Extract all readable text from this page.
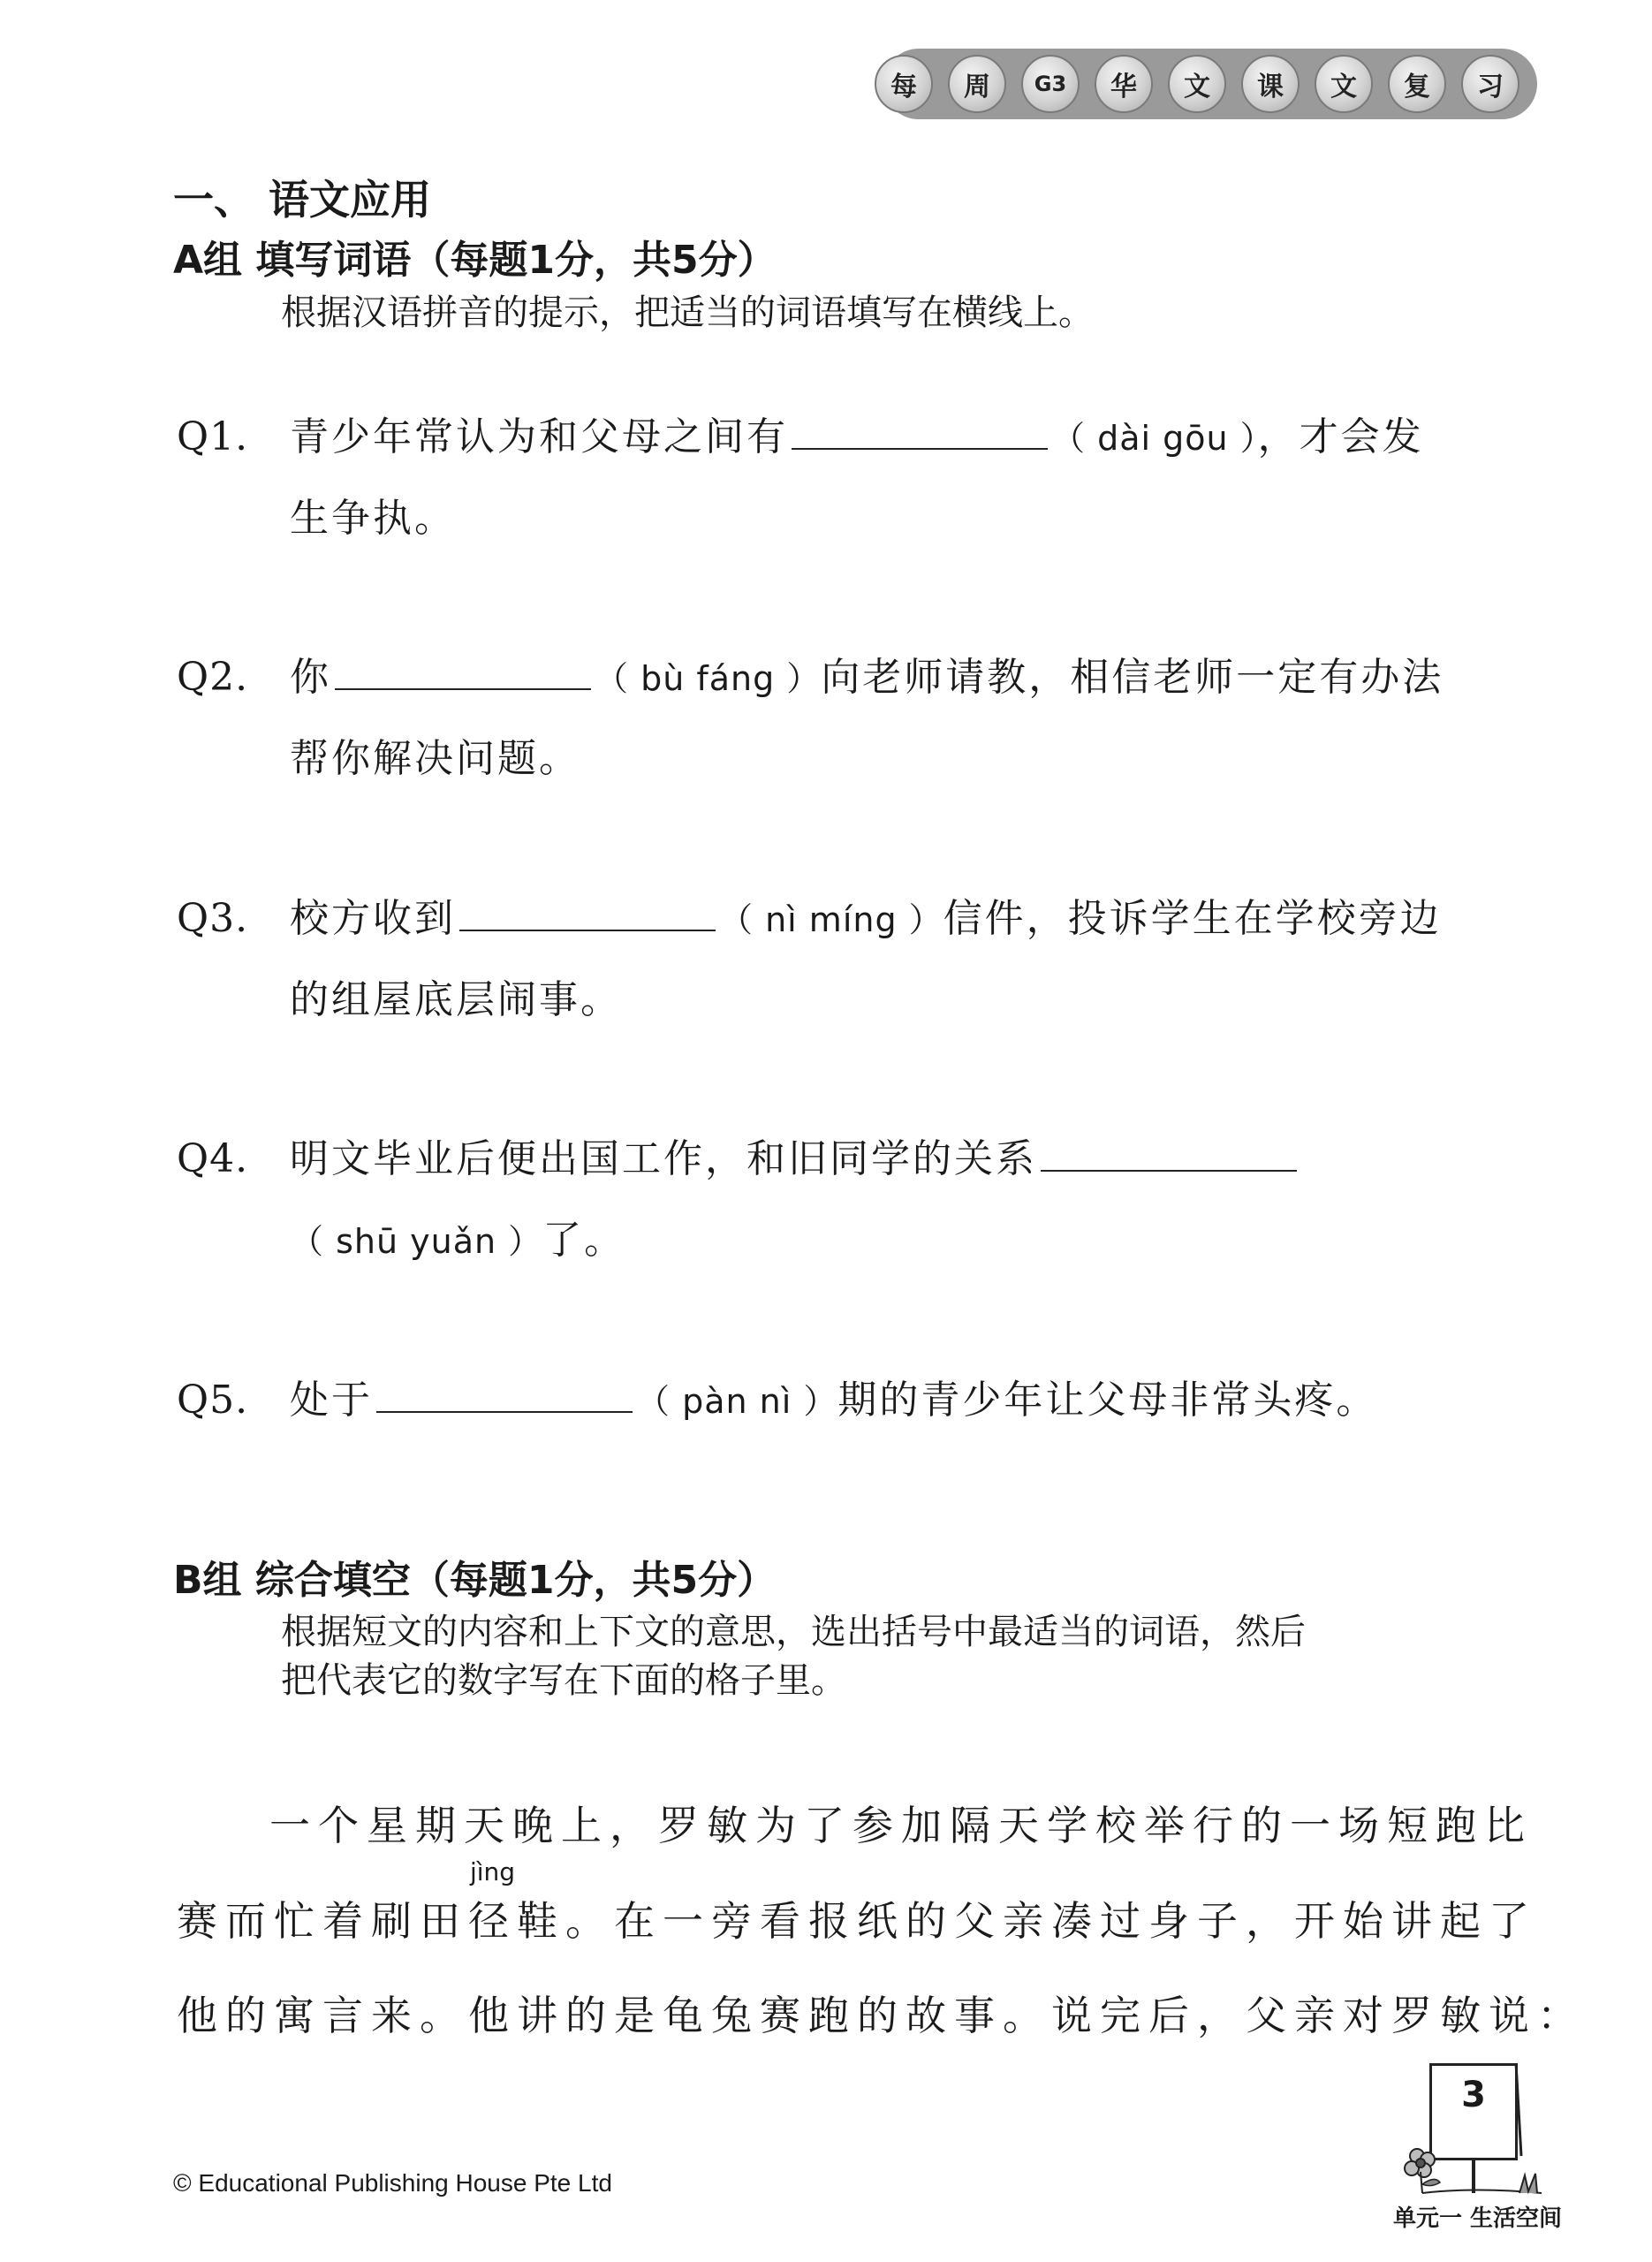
每	周	G3	华	文	课	文	复	习
一、 语文应用
A组 填写词语（每题1分，共5分）
根据汉语拼音的提示，把适当的词语填写在横线上。
Q1. 青少年常认为和父母之间有	（ dài gōu ），才会发
生争执。
Q2. 你	（ bù fáng ）向老师请教，相信老师一定有办法
帮你解决问题。
Q3. 校方收到	（ nì míng ）信件，投诉学生在学校旁边
的组屋底层闹事。
Q4. 明文毕业后便出国工作，和旧同学的关系
（ shū yuǎn ）了。
Q5. 处于	（ pàn nì ）期的青少年让父母非常头疼。
B组 综合填空（每题1分，共5分）
根据短文的内容和上下文的意思，选出括号中最适当的词语，然后
把代表它的数字写在下面的格子里。
一个星期天晚上，罗敏为了参加隔天学校举行的一场短跑比
jìng
赛而忙着刷田径鞋。在一旁看报纸的父亲凑过身子，开始讲起了
他的寓言来。他讲的是龟兔赛跑的故事。说完后，父亲对罗敏说：
© Educational Publishing House Pte Ltd
3
单元一 生活空间
